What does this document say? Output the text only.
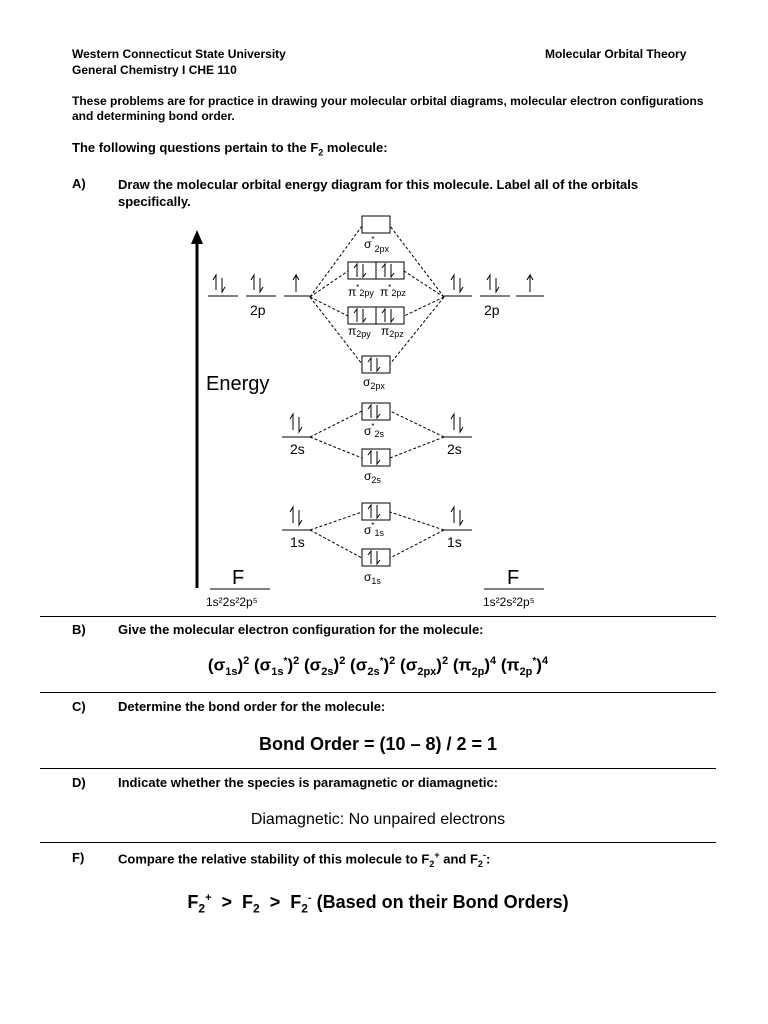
Western Connecticut State University
General Chemistry I CHE 110
Molecular Orbital Theory
These problems are for practice in drawing your molecular orbital diagrams, molecular electron configurations and determining bond order.
The following questions pertain to the $F_2$ molecule:
A) Draw the molecular orbital energy diagram for this molecule. Label all of the orbitals specifically.
Energy
2p	2p
2s	2s
1s	1s
$\sigma^*_{2px}$
$\pi^*_{2py}$ $\pi^*_{2pz}$
π2py π2pz
$\sigma_{2px}$
$\sigma^*_{2s}$
$\sigma_{2s}$
$\sigma^*_{1s}$
$\sigma_{1s}$
F
1s²2s²2p⁵
F
1s²2s²2p⁵
B) Give the molecular electron configuration for the molecule:
$(\sigma_{1s})^2$ $(\sigma_{1s}^*)^2$ $(\sigma_{2s})^2$ $(\sigma_{2s}^*)^2$ $(\sigma_{2px})^2$ $(\pi_{2p})^4$ $(\pi_{2p}^*)^4$
C) Determine the bond order for the molecule:
Bond Order = (10 – 8) / 2 = 1
D) Indicate whether the species is paramagnetic or diamagnetic:
Diamagnetic: No unpaired electrons
F)	Compare the relative stability of this molecule to $F_2^+$ and $F_2^-$:
$F_2^+ > F_2 > F_2^-$ (Based on their Bond Orders)
